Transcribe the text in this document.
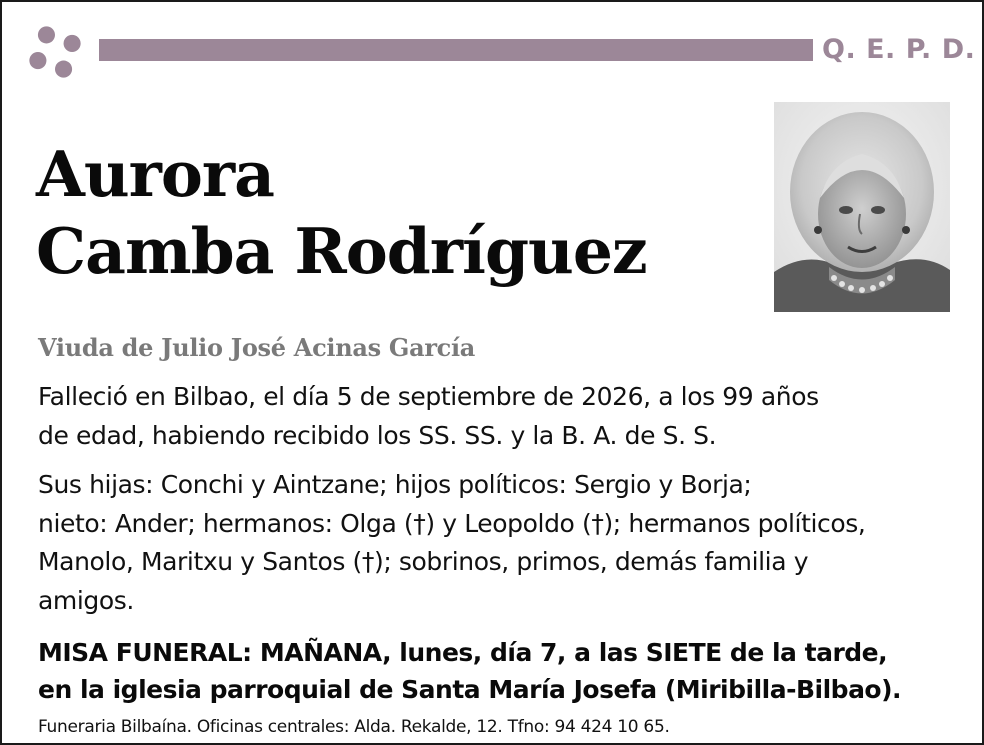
Q. E. P. D.
Aurora
Camba Rodríguez
Viuda de Julio José Acinas García

Falleció en Bilbao, el día 5 de septiembre de 2026, a los 99 años
de edad, habiendo recibido los SS. SS. y la B. A. de S. S.

Sus hijas: Conchi y Aintzane; hijos políticos: Sergio y Borja;
nieto: Ander; hermanos: Olga (†) y Leopoldo (†); hermanos políticos,
Manolo, Maritxu y Santos (†); sobrinos, primos, demás familia y
amigos.

MISA FUNERAL: MAÑANA, lunes, día 7, a las SIETE de la tarde,
en la iglesia parroquial de Santa María Josefa (Miribilla-Bilbao).

Funeraria Bilbaína. Oficinas centrales: Alda. Rekalde, 12. Tfno: 94 424 10 65.
